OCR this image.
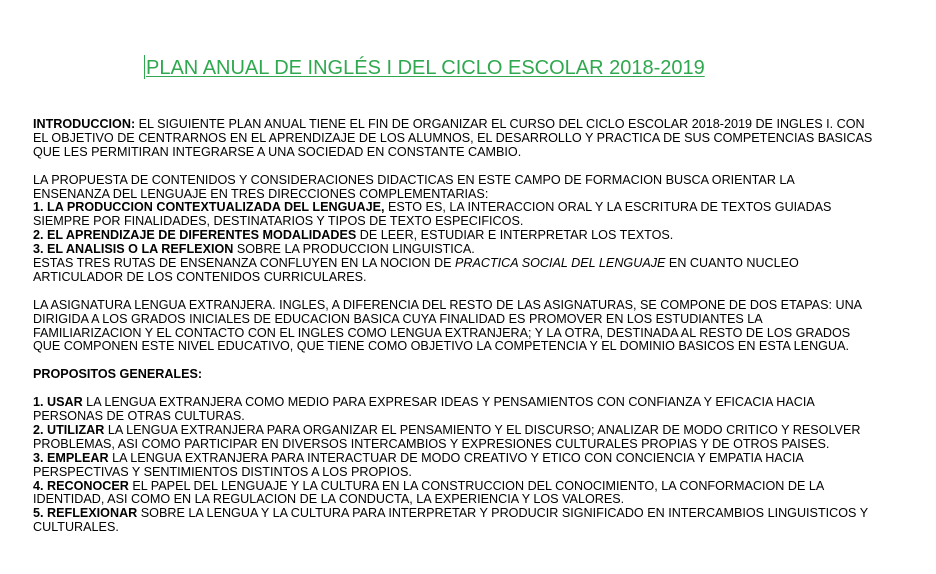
PLAN ANUAL DE INGLÉS I DEL CICLO ESCOLAR 2018-2019

INTRODUCCION: EL SIGUIENTE PLAN ANUAL TIENE EL FIN DE ORGANIZAR EL CURSO DEL CICLO ESCOLAR 2018-2019 DE INGLES I. CON EL OBJETIVO DE CENTRARNOS EN EL APRENDIZAJE DE LOS ALUMNOS, EL DESARROLLO Y PRACTICA DE SUS COMPETENCIAS BASICAS QUE LES PERMITIRAN INTEGRARSE A UNA SOCIEDAD EN CONSTANTE CAMBIO.

LA PROPUESTA DE CONTENIDOS Y CONSIDERACIONES DIDACTICAS EN ESTE CAMPO DE FORMACION BUSCA ORIENTAR LA ENSENANZA DEL LENGUAJE EN TRES DIRECCIONES COMPLEMENTARIAS:
1. LA PRODUCCION CONTEXTUALIZADA DEL LENGUAJE, ESTO ES, LA INTERACCION ORAL Y LA ESCRITURA DE TEXTOS GUIADAS SIEMPRE POR FINALIDADES, DESTINATARIOS Y TIPOS DE TEXTO ESPECIFICOS.
2. EL APRENDIZAJE DE DIFERENTES MODALIDADES DE LEER, ESTUDIAR E INTERPRETAR LOS TEXTOS.
3. EL ANALISIS O LA REFLEXION SOBRE LA PRODUCCION LINGUISTICA.
ESTAS TRES RUTAS DE ENSENANZA CONFLUYEN EN LA NOCION DE PRACTICA SOCIAL DEL LENGUAJE EN CUANTO NUCLEO ARTICULADOR DE LOS CONTENIDOS CURRICULARES.

LA ASIGNATURA LENGUA EXTRANJERA. INGLES, A DIFERENCIA DEL RESTO DE LAS ASIGNATURAS, SE COMPONE DE DOS ETAPAS: UNA DIRIGIDA A LOS GRADOS INICIALES DE EDUCACION BASICA CUYA FINALIDAD ES PROMOVER EN LOS ESTUDIANTES LA FAMILIARIZACION Y EL CONTACTO CON EL INGLES COMO LENGUA EXTRANJERA; Y LA OTRA, DESTINADA AL RESTO DE LOS GRADOS QUE COMPONEN ESTE NIVEL EDUCATIVO, QUE TIENE COMO OBJETIVO LA COMPETENCIA Y EL DOMINIO BASICOS EN ESTA LENGUA.

PROPOSITOS GENERALES:

1. USAR LA LENGUA EXTRANJERA COMO MEDIO PARA EXPRESAR IDEAS Y PENSAMIENTOS CON CONFIANZA Y EFICACIA HACIA PERSONAS DE OTRAS CULTURAS.
2. UTILIZAR LA LENGUA EXTRANJERA PARA ORGANIZAR EL PENSAMIENTO Y EL DISCURSO; ANALIZAR DE MODO CRITICO Y RESOLVER PROBLEMAS, ASI COMO PARTICIPAR EN DIVERSOS INTERCAMBIOS Y EXPRESIONES CULTURALES PROPIAS Y DE OTROS PAISES.
3. EMPLEAR LA LENGUA EXTRANJERA PARA INTERACTUAR DE MODO CREATIVO Y ETICO CON CONCIENCIA Y EMPATIA HACIA PERSPECTIVAS Y SENTIMIENTOS DISTINTOS A LOS PROPIOS.
4. RECONOCER EL PAPEL DEL LENGUAJE Y LA CULTURA EN LA CONSTRUCCION DEL CONOCIMIENTO, LA CONFORMACION DE LA IDENTIDAD, ASI COMO EN LA REGULACION DE LA CONDUCTA, LA EXPERIENCIA Y LOS VALORES.
5. REFLEXIONAR SOBRE LA LENGUA Y LA CULTURA PARA INTERPRETAR Y PRODUCIR SIGNIFICADO EN INTERCAMBIOS LINGUISTICOS Y CULTURALES.
